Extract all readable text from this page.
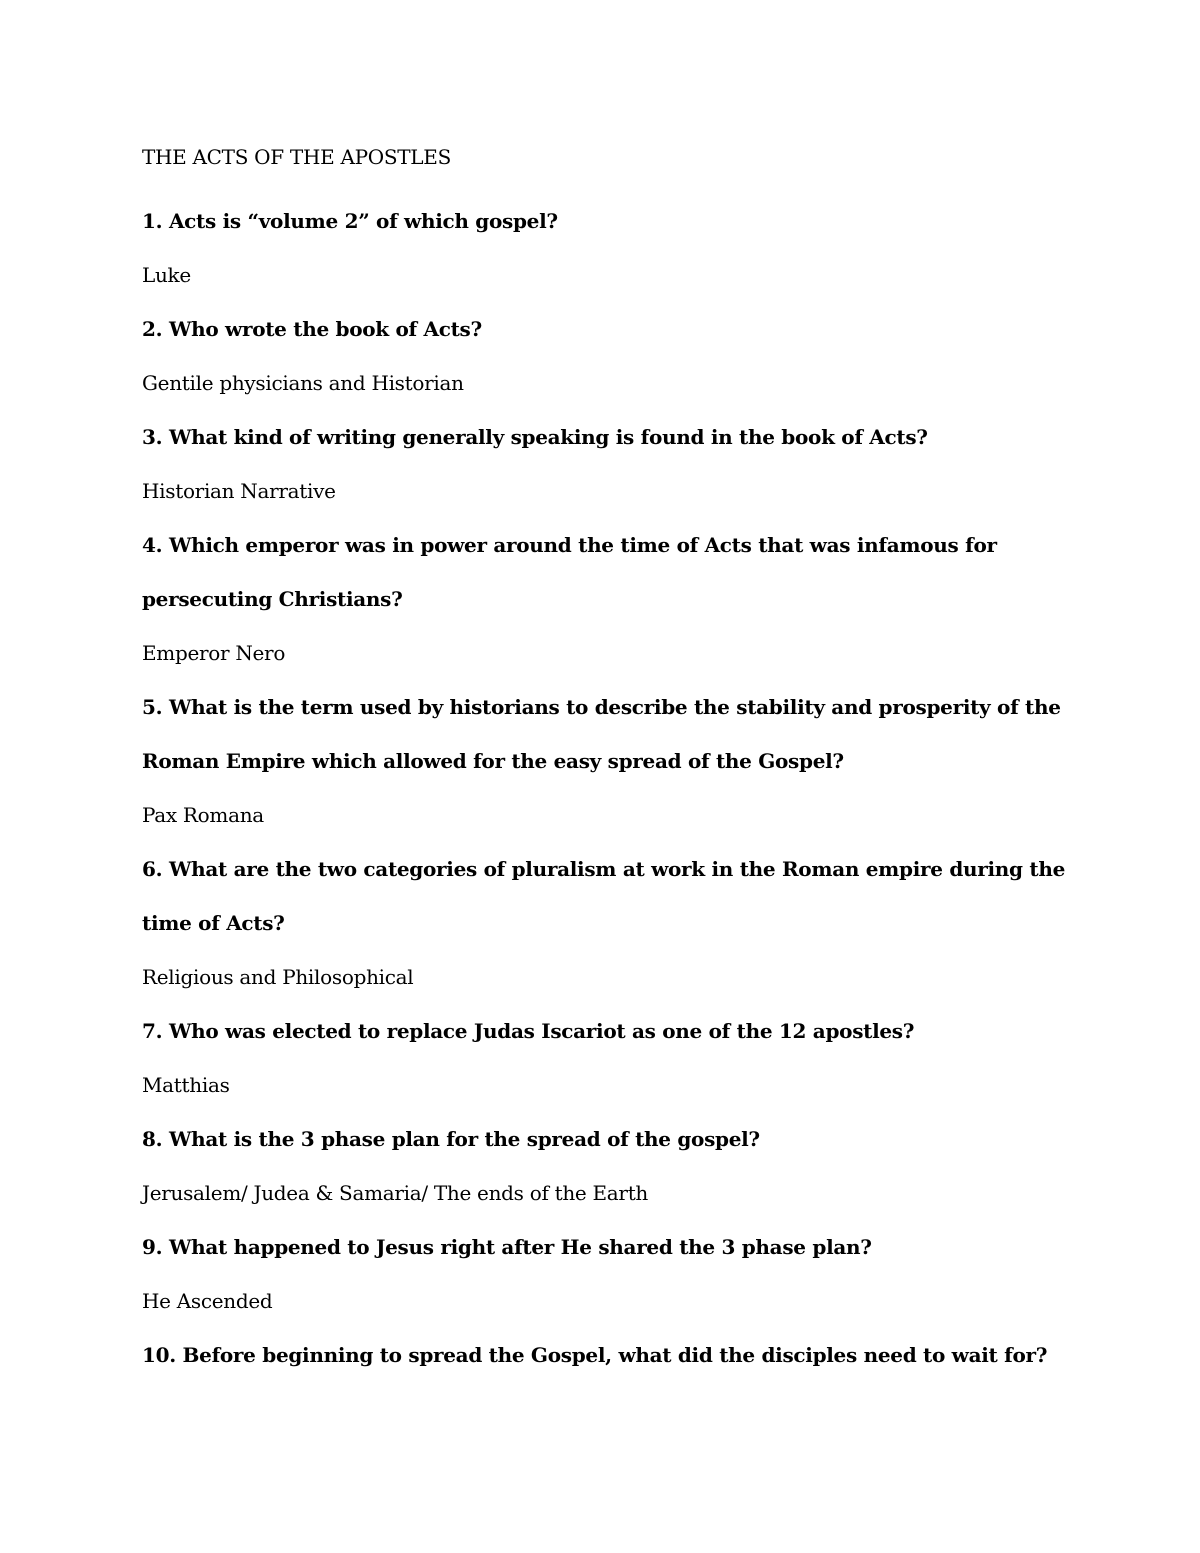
THE ACTS OF THE APOSTLES

1. Acts is “volume 2” of which gospel?

Luke

2. Who wrote the book of Acts?

Gentile physicians and Historian

3. What kind of writing generally speaking is found in the book of Acts?

Historian Narrative

4. Which emperor was in power around the time of Acts that was infamous for persecuting Christians?

Emperor Nero

5. What is the term used by historians to describe the stability and prosperity of the Roman Empire which allowed for the easy spread of the Gospel?

Pax Romana

6. What are the two categories of pluralism at work in the Roman empire during the time of Acts?

Religious and Philosophical

7. Who was elected to replace Judas Iscariot as one of the 12 apostles?

Matthias

8. What is the 3 phase plan for the spread of the gospel?

Jerusalem/ Judea & Samaria/ The ends of the Earth

9. What happened to Jesus right after He shared the 3 phase plan?

He Ascended

10. Before beginning to spread the Gospel, what did the disciples need to wait for?
